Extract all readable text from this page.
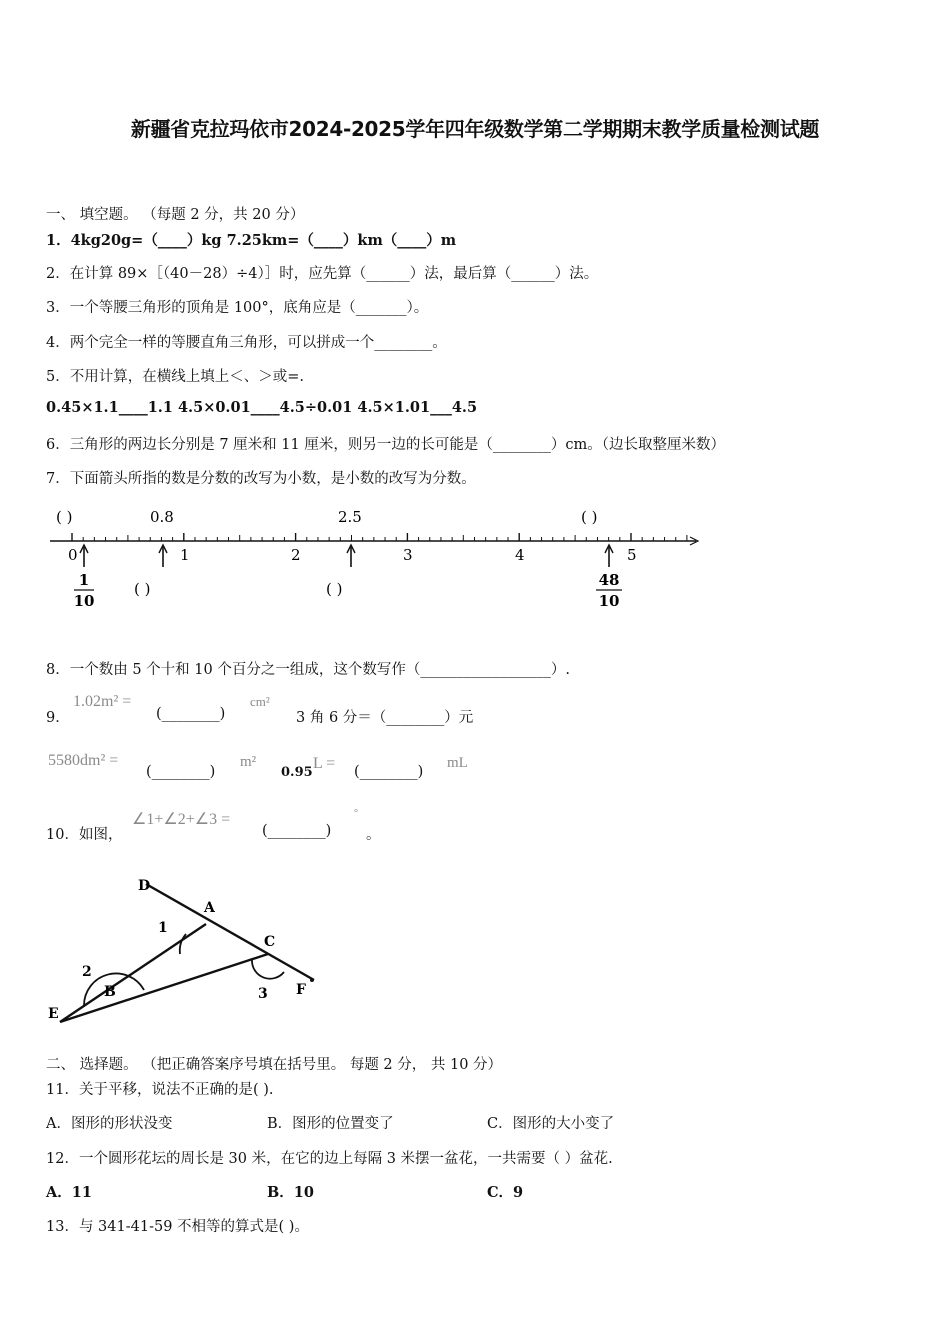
新疆省克拉玛依市2024-2025学年四年级数学第二学期期末教学质量检测试题
一、 填空题。 （每题 2 分，共 20 分）
1．4kg20g=（____）kg 7.25km=（____）km（____）m
2．在计算 89×［（40－28）÷4）］时，应先算（______）法，最后算（______）法。
3．一个等腰三角形的顶角是 100°，底角应是（_______）。
4．两个完全一样的等腰直角三角形，可以拼成一个________。
5．不用计算，在横线上填上＜、＞或=.
0.45×1.1____1.1 4.5×0.01____4.5÷0.01 4.5×1.01___4.5
6．三角形的两边长分别是 7 厘米和 11 厘米，则另一边的长可能是（________）cm。（边长取整厘米数）
7．下面箭头所指的数是分数的改写为小数，是小数的改写为分数。
( )	0.8	2.5	( )
0	1	2	3	4	5
1
10
( )	( )	48
10
8．一个数由 5 个十和 10 个百分之一组成，这个数写作（__________________）.
9．
1.02m² =
(________)
cm²
3 角 6 分＝（________）元
5580dm² =
(________)
m²
0.95
L = (________)
mL
10．如图，
∠1+∠2+∠3 =
(________)
°
。
D
A
C
F
E
B
1
2
3
二、 选择题。 （把正确答案序号填在括号里。 每题 2 分， 共 10 分）
11．关于平移，说法不正确的是( ).
A．图形的形状没变	B．图形的位置变了	C．图形的大小变了
12．一个圆形花坛的周长是 30 米，在它的边上每隔 3 米摆一盆花，一共需要（ ）盆花.
A．11	B．10	C．9
13．与 341-41-59 不相等的算式是( )。
